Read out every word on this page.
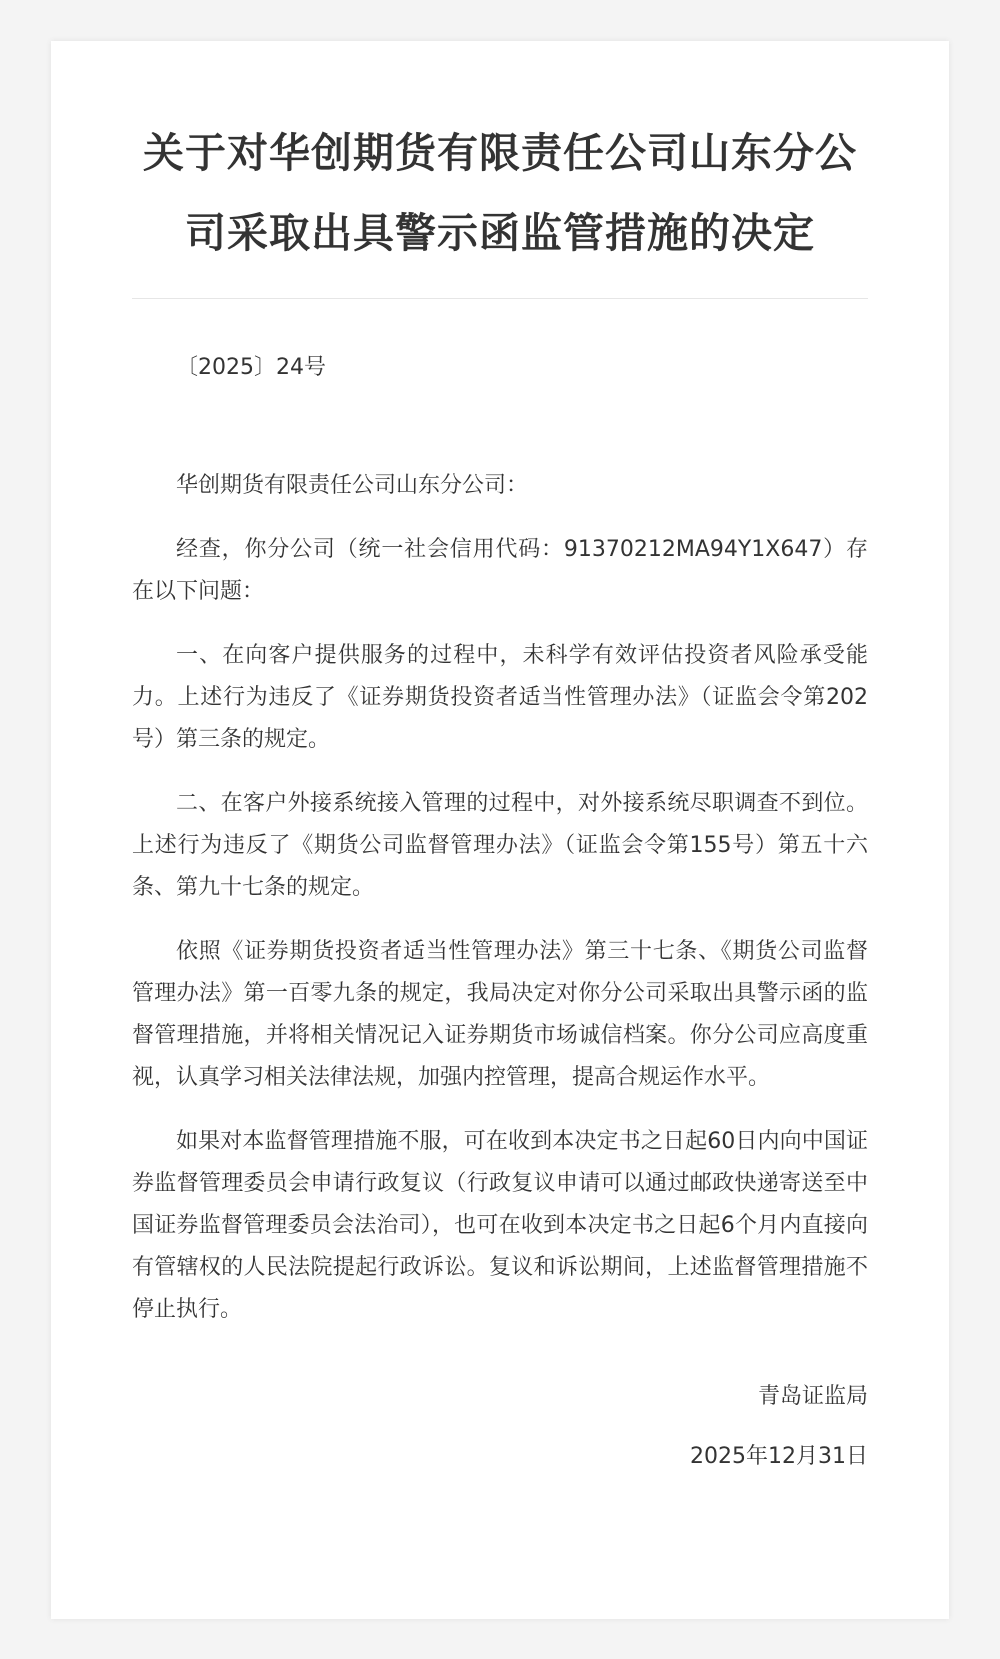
关于对华创期货有限责任公司山东分公司采取出具警示函监管措施的决定
〔2025〕24号

华创期货有限责任公司山东分公司：

经查，你分公司（统一社会信用代码：91370212MA94Y1X647）存在以下问题：

一、在向客户提供服务的过程中，未科学有效评估投资者风险承受能力。上述行为违反了《证券期货投资者适当性管理办法》（证监会令第202号）第三条的规定。

二、在客户外接系统接入管理的过程中，对外接系统尽职调查不到位。上述行为违反了《期货公司监督管理办法》（证监会令第155号）第五十六条、第九十七条的规定。

依照《证券期货投资者适当性管理办法》第三十七条、《期货公司监督管理办法》第一百零九条的规定，我局决定对你分公司采取出具警示函的监督管理措施，并将相关情况记入证券期货市场诚信档案。你分公司应高度重视，认真学习相关法律法规，加强内控管理，提高合规运作水平。

如果对本监督管理措施不服，可在收到本决定书之日起60日内向中国证券监督管理委员会申请行政复议（行政复议申请可以通过邮政快递寄送至中国证券监督管理委员会法治司），也可在收到本决定书之日起6个月内直接向有管辖权的人民法院提起行政诉讼。复议和诉讼期间，上述监督管理措施不停止执行。

青岛证监局
2025年12月31日
